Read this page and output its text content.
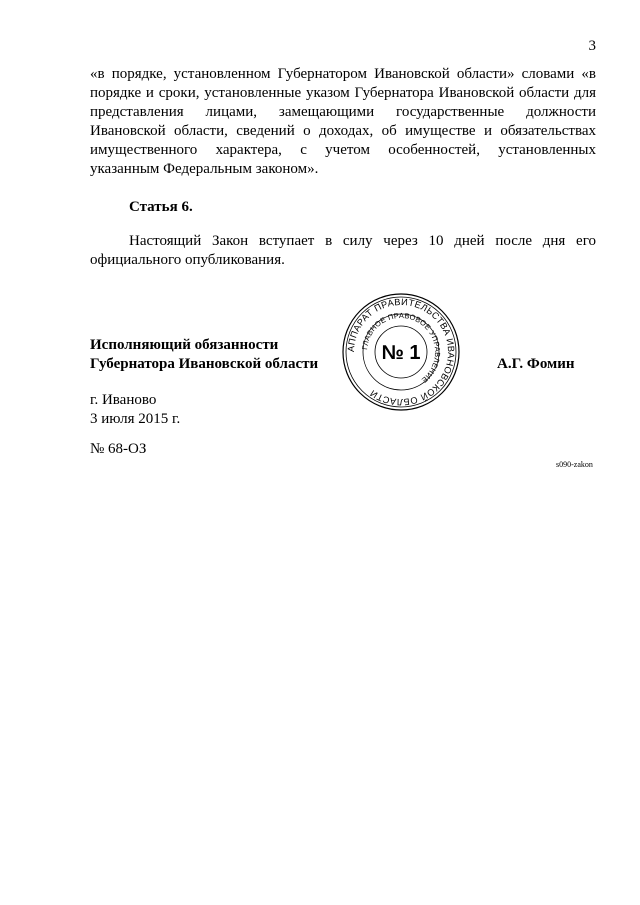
3
«в порядке, установленном Губернатором Ивановской области» словами «в порядке и сроки, установленные указом Губернатора Ивановской области для представления лицами, замещающими государственные должности Ивановской области, сведений о доходах, об имуществе и обязательствах имущественного характера, с учетом особенностей, установленных указанным Федеральным законом».
Статья 6.
Настоящий Закон вступает в силу через 10 дней после дня его официального опубликования.
Исполняющий обязанности
Губернатора Ивановской области	А.Г. Фомин
АППАРАТ ПРАВИТЕЛЬСТВА ИВАНОВСКОЙ ОБЛАСТИ
ГЛАВНОЕ ПРАВОВОЕ УПРАВЛЕНИЕ
№ 1
г. Иваново
3 июля 2015 г.
№ 68-ОЗ
s090-zakon
